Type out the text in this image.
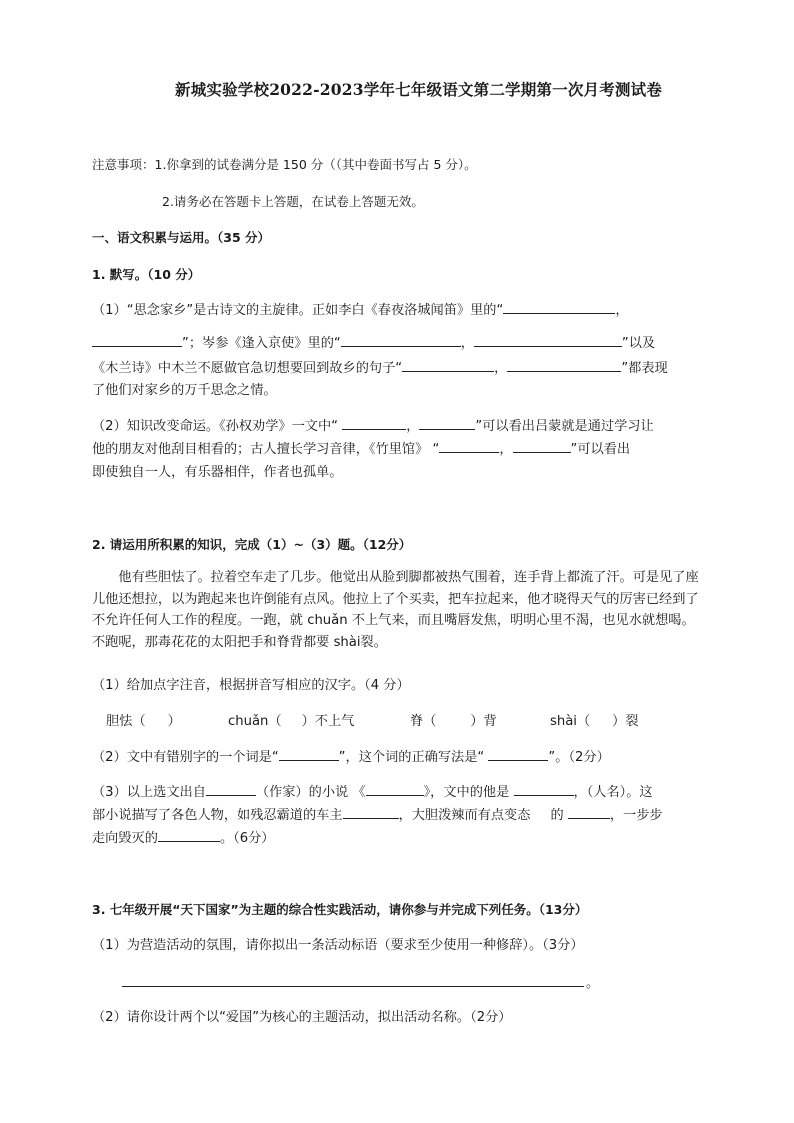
新城实验学校2022-2023学年七年级语文第二学期第一次月考测试卷
注意事项：1.你拿到的试卷满分是 150 分（（其中卷面书写占 5 分）。
2.请务必在答题卡上答题，在试卷上答题无效。
一、语文积累与运用。（35 分）
1. 默写。（10 分）
（1）“思念家乡”是古诗文的主旋律。正如李白《春夜洛城闻笛》里的“	，
”；岑参《逢入京使》里的“	，	”以及
《木兰诗》中木兰不愿做官急切想要回到故乡的句子“	，	”都表现
了他们对家乡的万千思念之情。
（2）知识改变命运。《孙权劝学》一文中“	，	”可以看出吕蒙就是通过学习让
他的朋友对他刮目相看的；古人擅长学习音律，《竹里馆》 “	，	”可以看出
即使独自一人，有乐器相伴，作者也孤单。
2. 请运用所积累的知识，完成（1）~（3）题。（12分）
他有些胆怯了。拉着空车走了几步。他觉出从脸到脚都被热气围着，连手背上都流了汗。可是见了座儿他还想拉，以为跑起来也许倒能有点风。他拉上了个买卖，把车拉起来，他才晓得天气的厉害已经到了不允许任何人工作的程度。一跑，就 chuǎn 不上气来，而且嘴唇发焦，明明心里不渴，也见水就想喝。不跑呢，那毒花花的太阳把手和脊背都要 shài裂。
（1）给加点字注音，根据拼音写相应的汉字。（4 分）
胆怯（ ）	chuǎn（ ）不上气	脊（	）背	shài（ ）裂
（2）文中有错别字的一个词是“	”，这个词的正确写法是“	”。（2分）
（3）以上选文出自	（作家）的小说 《	》，文中的他是	，（人名）。这
部小说描写了各色人物，如残忍霸道的车主	，大胆泼辣而有点变态 的	，一步步
走向毁灭的	。（6分）
3. 七年级开展“天下国家”为主题的综合性实践活动，请你参与并完成下列任务。（13分）
（1）为营造活动的氛围，请你拟出一条活动标语（要求至少使用一种修辞）。（3分）
。
（2）请你设计两个以“爱国”为核心的主题活动，拟出活动名称。（2分）
